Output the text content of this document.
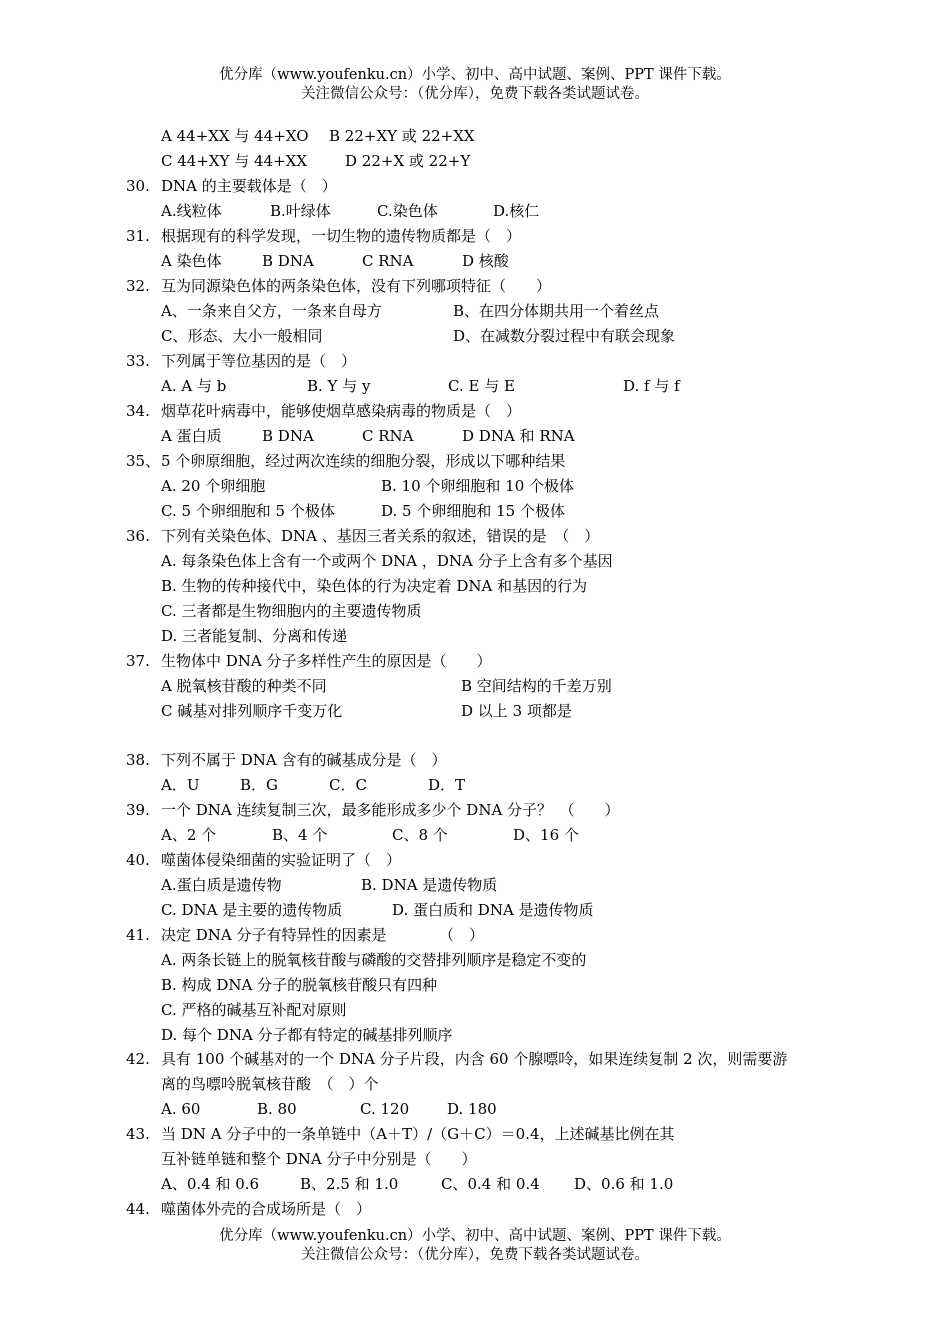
优分库（www.youfenku.cn）小学、初中、高中试题、案例、PPT 课件下载。
关注微信公众号：（优分库），免费下载各类试题试卷。
A 44+XX 与 44+XO B 22+XY 或 22+XX
C 44+XY 与 44+XX	D 22+X 或 22+Y
30. DNA 的主要载体是（　）
A.线粒体	B.叶绿体	C.染色体	D.核仁
31. 根据现有的科学发现，一切生物的遗传物质都是（　）
A 染色体	B DNA	C RNA	D 核酸
32. 互为同源染色体的两条染色体，没有下列哪项特征（　　）
A、一条来自父方，一条来自母方	B、在四分体期共用一个着丝点
C、形态、大小一般相同	D、在减数分裂过程中有联会现象
33. 下列属于等位基因的是（　）
A. A 与 b	B. Y 与 y	C. E 与 E	D. f 与 f
34. 烟草花叶病毒中，能够使烟草感染病毒的物质是（　）
A 蛋白质	B DNA	C RNA	D DNA 和 RNA
35、 5 个卵原细胞，经过两次连续的细胞分裂，形成以下哪种结果
A. 20 个卵细胞	B. 10 个卵细胞和 10 个极体
C. 5 个卵细胞和 5 个极体	D. 5 个卵细胞和 15 个极体
36. 下列有关染色体、DNA 、基因三者关系的叙述，错误的是　（　）
A. 每条染色体上含有一个或两个 DNA ，DNA 分子上含有多个基因
B. 生物的传种接代中，染色体的行为决定着 DNA 和基因的行为
C. 三者都是生物细胞内的主要遗传物质
D. 三者能复制、分离和传递
37. 生物体中 DNA 分子多样性产生的原因是（　　）
A 脱氧核苷酸的种类不同	B 空间结构的千差万别
C 碱基对排列顺序千变万化	D 以上 3 项都是
38. 下列不属于 DNA 含有的碱基成分是（　）
A．U	B．G	C．C	D．T
39. 一个 DNA 连续复制三次，最多能形成多少个 DNA 分子？　（　　）
A、2 个	B、4 个	C、8 个	D、16 个
40. 噬菌体侵染细菌的实验证明了（　）
A.蛋白质是遗传物	B. DNA 是遗传物质
C. DNA 是主要的遗传物质	D. 蛋白质和 DNA 是遗传物质
41. 决定 DNA 分子有特异性的因素是　　　　（　）
A. 两条长链上的脱氧核苷酸与磷酸的交替排列顺序是稳定不变的
B. 构成 DNA 分子的脱氧核苷酸只有四种
C. 严格的碱基互补配对原则
D. 每个 DNA 分子都有特定的碱基排列顺序
42. 具有 100 个碱基对的一个 DNA 分子片段，内含 60 个腺嘌呤，如果连续复制 2 次，则需要游
离的鸟嘌呤脱氧核苷酸　（　）个
A. 60	B. 80	C. 120	D. 180
43. 当 DN A 分子中的一条单链中（A＋T）/（G＋C）＝0.4，上述碱基比例在其
互补链单链和整个 DNA 分子中分别是（　　）
A、0.4 和 0.6	B、2.5 和 1.0	C、0.4 和 0.4 D、0.6 和 1.0
44. 噬菌体外壳的合成场所是（　）
优分库（www.youfenku.cn）小学、初中、高中试题、案例、PPT 课件下载。
关注微信公众号：（优分库），免费下载各类试题试卷。
